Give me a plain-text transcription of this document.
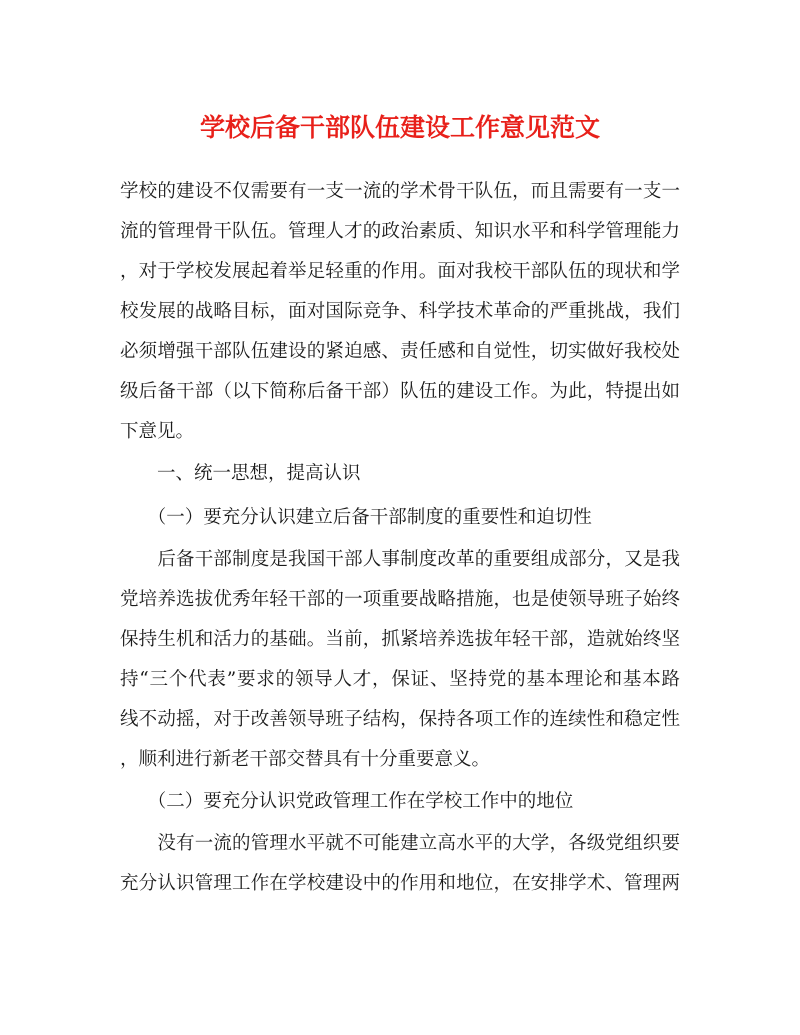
学校后备干部队伍建设工作意见范文
学校的建设不仅需要有一支一流的学术骨干队伍，而且需要有一支一
流的管理骨干队伍。管理人才的政治素质、知识水平和科学管理能力
，对于学校发展起着举足轻重的作用。面对我校干部队伍的现状和学
校发展的战略目标，面对国际竞争、科学技术革命的严重挑战，我们
必须增强干部队伍建设的紧迫感、责任感和自觉性，切实做好我校处
级后备干部（以下简称后备干部）队伍的建设工作。为此，特提出如
下意见。
　　一、统一思想，提高认识
　　（一）要充分认识建立后备干部制度的重要性和迫切性
　　后备干部制度是我国干部人事制度改革的重要组成部分，又是我
党培养选拔优秀年轻干部的一项重要战略措施，也是使领导班子始终
保持生机和活力的基础。当前，抓紧培养选拔年轻干部，造就始终坚
持“三个代表”要求的领导人才，保证、坚持党的基本理论和基本路
线不动摇，对于改善领导班子结构，保持各项工作的连续性和稳定性
，顺利进行新老干部交替具有十分重要意义。
　　（二）要充分认识党政管理工作在学校工作中的地位
　　没有一流的管理水平就不可能建立高水平的大学，各级党组织要
充分认识管理工作在学校建设中的作用和地位，在安排学术、管理两
